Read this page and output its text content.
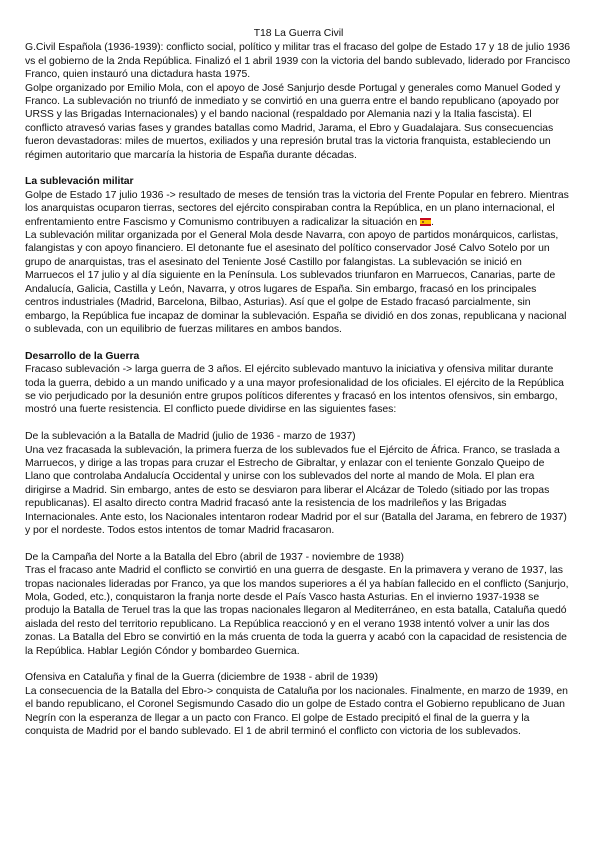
T18 La Guerra Civil

G.Civil Española (1936-1939): conflicto social, político y militar tras el fracaso del golpe de Estado 17 y 18 de julio 1936 vs el gobierno de la 2nda República. Finalizó el 1 abril 1939 con la victoria del bando sublevado, liderado por Francisco Franco, quien instauró una dictadura hasta 1975.

Golpe organizado por Emilio Mola, con el apoyo de José Sanjurjo desde Portugal y generales como Manuel Goded y Franco. La sublevación no triunfó de inmediato y se convirtió en una guerra entre el bando republicano (apoyado por URSS y las Brigadas Internacionales) y el bando nacional (respaldado por Alemania nazi y la Italia fascista). El conflicto atravesó varias fases y grandes batallas como Madrid, Jarama, el Ebro y Guadalajara. Sus consecuencias fueron devastadoras: miles de muertos, exiliados y una represión brutal tras la victoria franquista, estableciendo un régimen autoritario que marcaría la historia de España durante décadas.

La sublevación militar

Golpe de Estado 17 julio 1936 -> resultado de meses de tensión tras la victoria del Frente Popular en febrero. Mientras los anarquistas ocuparon tierras, sectores del ejército conspiraban contra la República, en un plano internacional, el enfrentamiento entre Fascismo y Comunismo contribuyen a radicalizar la situación en .

La sublevación militar organizada por el General Mola desde Navarra, con apoyo de partidos monárquicos, carlistas, falangistas y con apoyo financiero. El detonante fue el asesinato del político conservador José Calvo Sotelo por un grupo de anarquistas, tras el asesinato del Teniente José Castillo por falangistas. La sublevación se inició en Marruecos el 17 julio y al día siguiente en la Península. Los sublevados triunfaron en Marruecos, Canarias, parte de Andalucía, Galicia, Castilla y León, Navarra, y otros lugares de España. Sin embargo, fracasó en los principales centros industriales (Madrid, Barcelona, Bilbao, Asturias). Así que el golpe de Estado fracasó parcialmente, sin embargo, la República fue incapaz de dominar la sublevación. España se dividió en dos zonas, republicana y nacional o sublevada, con un equilibrio de fuerzas militares en ambos bandos.

Desarrollo de la Guerra

Fracaso sublevación -> larga guerra de 3 años. El ejército sublevado mantuvo la iniciativa y ofensiva militar durante toda la guerra, debido a un mando unificado y a una mayor profesionalidad de los oficiales. El ejército de la República se vio perjudicado por la desunión entre grupos políticos diferentes y fracasó en los intentos ofensivos, sin embargo, mostró una fuerte resistencia. El conflicto puede dividirse en las siguientes fases:

De la sublevación a la Batalla de Madrid (julio de 1936 - marzo de 1937)

Una vez fracasada la sublevación, la primera fuerza de los sublevados fue el Ejército de África. Franco, se traslada a Marruecos, y dirige a las tropas para cruzar el Estrecho de Gibraltar, y enlazar con el teniente Gonzalo Queipo de Llano que controlaba Andalucía Occidental y unirse con los sublevados del norte al mando de Mola. El plan era dirigirse a Madrid. Sin embargo, antes de esto se desviaron para liberar el Alcázar de Toledo (sitiado por las tropas republicanas). El asalto directo contra Madrid fracasó ante la resistencia de los madrileños y las Brigadas Internacionales. Ante esto, los Nacionales intentaron rodear Madrid por el sur (Batalla del Jarama, en febrero de 1937) y por el nordeste. Todos estos intentos de tomar Madrid fracasaron.

De la Campaña del Norte a la Batalla del Ebro (abril de 1937 - noviembre de 1938)

Tras el fracaso ante Madrid el conflicto se convirtió en una guerra de desgaste. En la primavera y verano de 1937, las tropas nacionales lideradas por Franco, ya que los mandos superiores a él ya habían fallecido en el conflicto (Sanjurjo, Mola, Goded, etc.), conquistaron la franja norte desde el País Vasco hasta Asturias. En el invierno 1937-1938 se produjo la Batalla de Teruel tras la que las tropas nacionales llegaron al Mediterráneo, en esta batalla, Cataluña quedó aislada del resto del territorio republicano. La República reaccionó y en el verano 1938 intentó volver a unir las dos zonas. La Batalla del Ebro se convirtió en la más cruenta de toda la guerra y acabó con la capacidad de resistencia de la República. Hablar Legión Cóndor y bombardeo Guernica.

Ofensiva en Cataluña y final de la Guerra (diciembre de 1938 - abril de 1939)

La consecuencia de la Batalla del Ebro-> conquista de Cataluña por los nacionales. Finalmente, en marzo de 1939, en el bando republicano, el Coronel Segismundo Casado dio un golpe de Estado contra el Gobierno republicano de Juan Negrín con la esperanza de llegar a un pacto con Franco. El golpe de Estado precipitó el final de la guerra y la conquista de Madrid por el bando sublevado. El 1 de abril terminó el conflicto con victoria de los sublevados.
